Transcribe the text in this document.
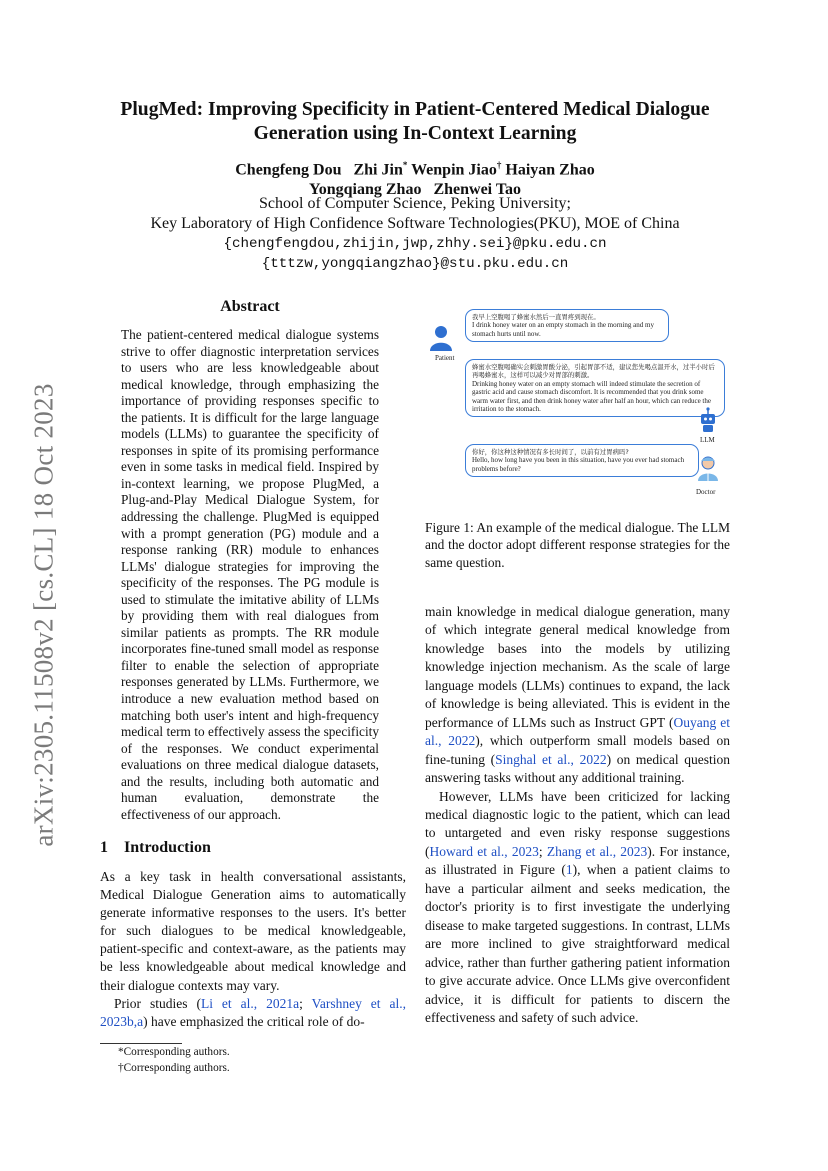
arXiv:2305.11508v2 [cs.CL] 18 Oct 2023
PlugMed: Improving Specificity in Patient-Centered Medical Dialogue
Generation using In-Context Learning
Chengfeng Dou Zhi Jin* Wenpin Jiao† Haiyan Zhao
Yongqiang Zhao Zhenwei Tao
School of Computer Science, Peking University;
Key Laboratory of High Confidence Software Technologies(PKU), MOE of China
{chengfengdou,zhijin,jwp,zhhy.sei}@pku.edu.cn
{tttzw,yongqiangzhao}@stu.pku.edu.cn
Abstract
The patient-centered medical dialogue systems strive to offer diagnostic interpretation services to users who are less knowledgeable about medical knowledge, through emphasizing the importance of providing responses specific to the patients. It is difficult for the large language models (LLMs) to guarantee the specificity of responses in spite of its promising performance even in some tasks in medical field. Inspired by in-context learning, we propose PlugMed, a Plug-and-Play Medical Dialogue System, for addressing the challenge. PlugMed is equipped with a prompt generation (PG) module and a response ranking (RR) module to enhances LLMs' dialogue strategies for improving the specificity of the responses. The PG module is used to stimulate the imitative ability of LLMs by providing them with real dialogues from similar patients as prompts. The RR module incorporates fine-tuned small model as response filter to enable the selection of appropriate responses generated by LLMs. Furthermore, we introduce a new evaluation method based on matching both user's intent and high-frequency medical term to effectively assess the specificity of the responses. We conduct experimental evaluations on three medical dialogue datasets, and the results, including both automatic and human evaluation, demonstrate the effectiveness of our approach.
1 Introduction

As a key task in health conversational assistants, Medical Dialogue Generation aims to automatically generate informative responses to the users. It's better for such dialogues to be medical knowledgeable, patient-specific and context-aware, as the patients may be less knowledgeable about medical knowledge and their dialogue contexts may vary.

Prior studies (Li et al., 2021a; Varshney et al., 2023b,a) have emphasized the critical role of do-

*Corresponding authors.
†Corresponding authors.
Patient
我早上空腹喝了蜂蜜水然后一直胃疼到现在。
I drink honey water on an empty stomach in the morning and my stomach hurts until now.
蜂蜜水空腹喝确实会刺激胃酸分泌，引起胃部不适，建议您先喝点温开水，过半小时后再喝蜂蜜水，这样可以减少对胃部的刺激。
Drinking honey water on an empty stomach will indeed stimulate the secretion of gastric acid and cause stomach discomfort. It is recommended that you drink some warm water first, and then drink honey water after half an hour, which can reduce the irritation to the stomach.
LLM
你好，你这种这种情况有多长时间了，以前有过胃病吗?
Hello, how long have you been in this situation, have you ever had stomach problems before?
Doctor
Figure 1: An example of the medical dialogue. The LLM and the doctor adopt different response strategies for the same question.

main knowledge in medical dialogue generation, many of which integrate general medical knowledge from knowledge bases into the models by utilizing knowledge injection mechanism. As the scale of large language models (LLMs) continues to expand, the lack of knowledge is being alleviated. This is evident in the performance of LLMs such as Instruct GPT (Ouyang et al., 2022), which outperform small models based on fine-tuning (Singhal et al., 2022) on medical question answering tasks without any additional training.

However, LLMs have been criticized for lacking medical diagnostic logic to the patient, which can lead to untargeted and even risky response suggestions (Howard et al., 2023; Zhang et al., 2023). For instance, as illustrated in Figure (1), when a patient claims to have a particular ailment and seeks medication, the doctor's priority is to first investigate the underlying disease to make targeted suggestions. In contrast, LLMs are more inclined to give straightforward medical advice, rather than further gathering patient information to give accurate advice. Once LLMs give overconfident advice, it is difficult for patients to discern the effectiveness and safety of such advice.
